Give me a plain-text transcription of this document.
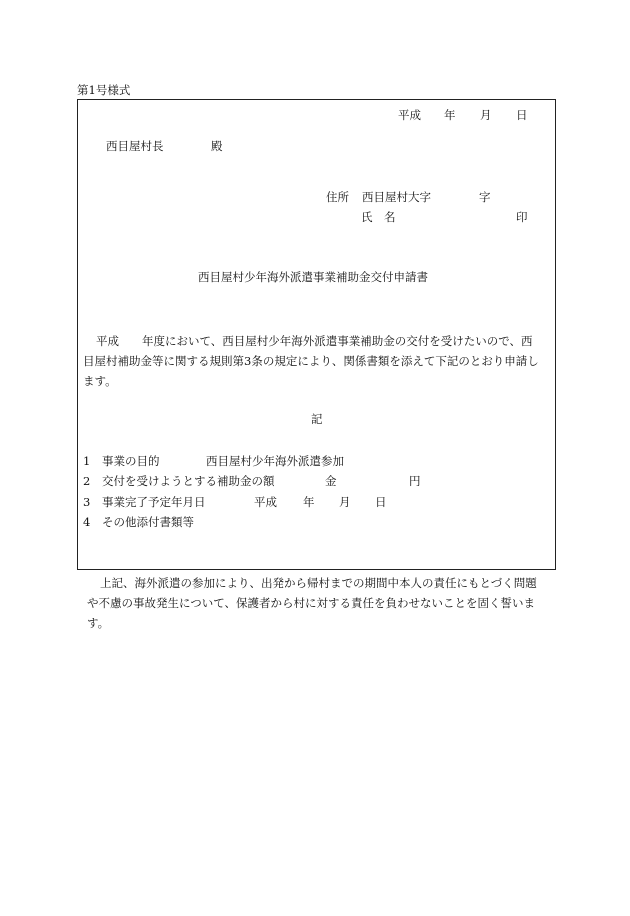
第1号様式
平成 年 月 日
西目屋村長	殿
住所 西目屋村大字	字
氏　名	印
西目屋村少年海外派遣事業補助金交付申請書
平成　　年度において、西目屋村少年海外派遣事業補助金の交付を受けたいので、西
目屋村補助金等に関する規則第3条の規定により、関係書類を添えて下記のとおり申請し
ます。
記
1 事業の目的	西目屋村少年海外派遣参加
2 交付を受けようとする補助金の額	金	円
3 事業完了予定年月日	平成 年 月 日
4 その他添付書類等
上記、海外派遣の参加により、出発から帰村までの期間中本人の責任にもとづく問題
や不慮の事故発生について、保護者から村に対する責任を負わせないことを固く誓いま
す。
